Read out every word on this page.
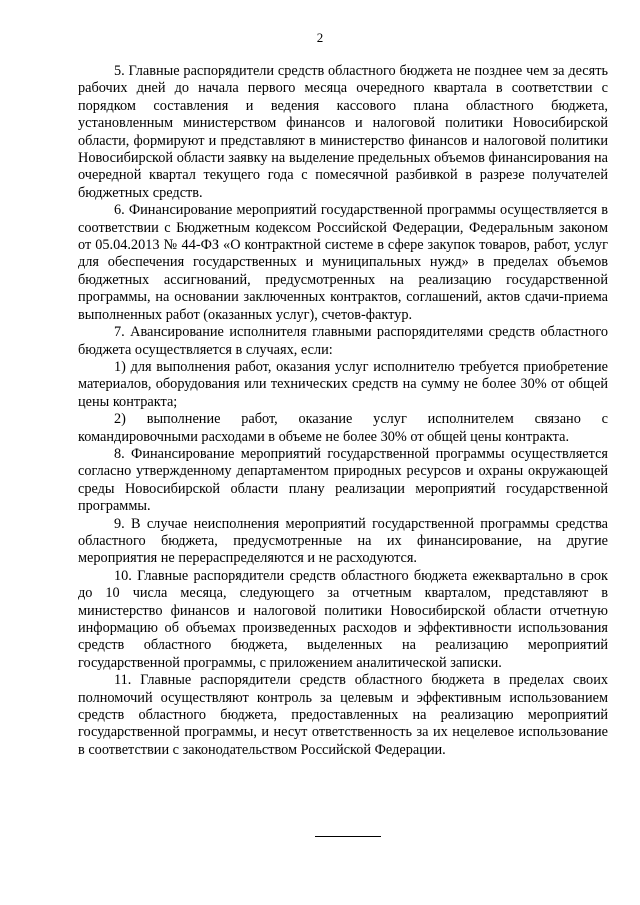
2

5. Главные распорядители средств областного бюджета не позднее чем за десять рабочих дней до начала первого месяца очередного квартала в соответствии с порядком составления и ведения кассового плана областного бюджета, установленным министерством финансов и налоговой политики Новосибирской области, формируют и представляют в министерство финансов и налоговой политики Новосибирской области заявку на выделение предельных объемов финансирования на очередной квартал текущего года с помесячной разбивкой в разрезе получателей бюджетных средств.

6. Финансирование мероприятий государственной программы осуществляется в соответствии с Бюджетным кодексом Российской Федерации, Федеральным законом от 05.04.2013 № 44-ФЗ «О контрактной системе в сфере закупок товаров, работ, услуг для обеспечения государственных и муниципальных нужд» в пределах объемов бюджетных ассигнований, предусмотренных на реализацию государственной программы, на основании заключенных контрактов, соглашений, актов сдачи-приема выполненных работ (оказанных услуг), счетов-фактур.

7. Авансирование исполнителя главными распорядителями средств областного бюджета осуществляется в случаях, если:

1) для выполнения работ, оказания услуг исполнителю требуется приобретение материалов, оборудования или технических средств на сумму не более 30% от общей цены контракта;

2) выполнение работ, оказание услуг исполнителем связано с командировочными расходами в объеме не более 30% от общей цены контракта.

8. Финансирование мероприятий государственной программы осуществляется согласно утвержденному департаментом природных ресурсов и охраны окружающей среды Новосибирской области плану реализации мероприятий государственной программы.

9. В случае неисполнения мероприятий государственной программы средства областного бюджета, предусмотренные на их финансирование, на другие мероприятия не перераспределяются и не расходуются.

10. Главные распорядители средств областного бюджета ежеквартально в срок до 10 числа месяца, следующего за отчетным кварталом, представляют в министерство финансов и налоговой политики Новосибирской области отчетную информацию об объемах произведенных расходов и эффективности использования средств областного бюджета, выделенных на реализацию мероприятий государственной программы, с приложением аналитической записки.

11. Главные распорядители средств областного бюджета в пределах своих полномочий осуществляют контроль за целевым и эффективным использованием средств областного бюджета, предоставленных на реализацию мероприятий государственной программы, и несут ответственность за их нецелевое использование в соответствии с законодательством Российской Федерации.
